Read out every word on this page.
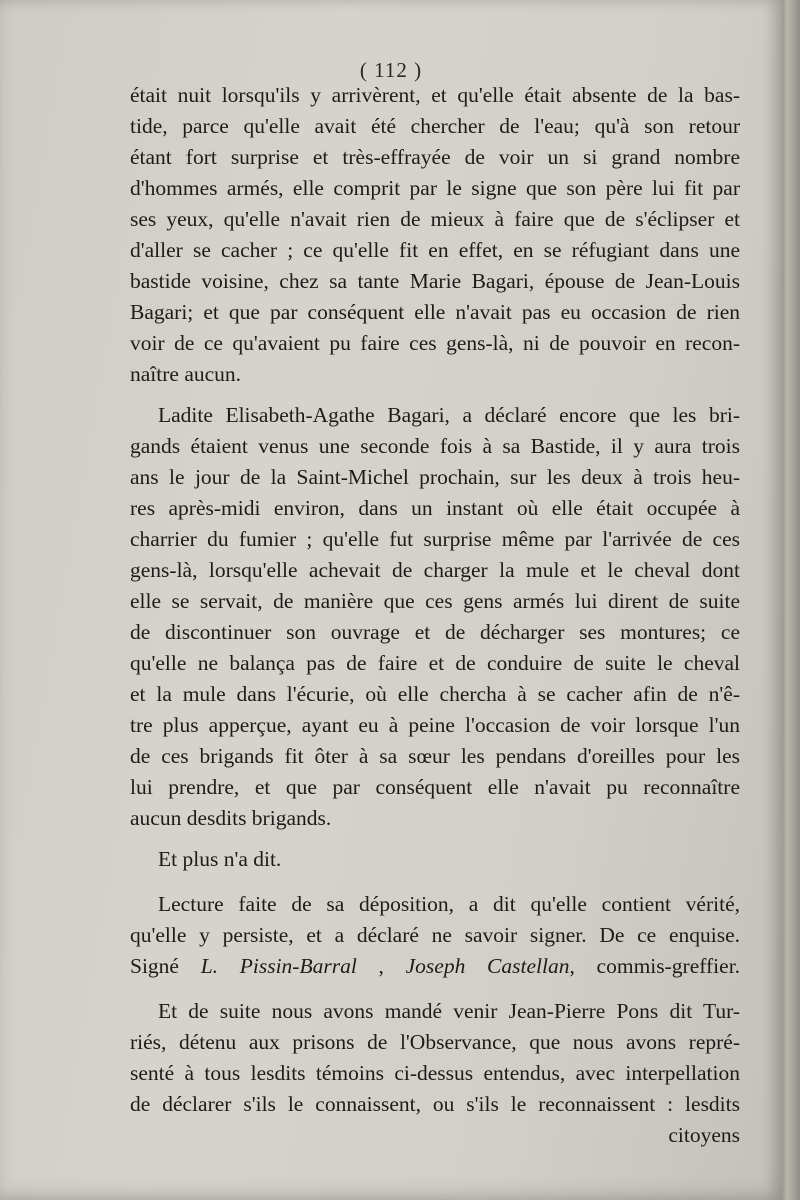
( 112 )
était nuit lorsqu'ils y arrivèrent, et qu'elle était absente de la bas-
tide, parce qu'elle avait été chercher de l'eau; qu'à son retour
étant fort surprise et très-effrayée de voir un si grand nombre
d'hommes armés, elle comprit par le signe que son père lui fit par
ses yeux, qu'elle n'avait rien de mieux à faire que de s'éclipser et
d'aller se cacher ; ce qu'elle fit en effet, en se réfugiant dans une
bastide voisine, chez sa tante Marie Bagari, épouse de Jean-Louis
Bagari; et que par conséquent elle n'avait pas eu occasion de rien
voir de ce qu'avaient pu faire ces gens-là, ni de pouvoir en recon-
naître aucun.
Ladite Elisabeth-Agathe Bagari, a déclaré encore que les bri-
gands étaient venus une seconde fois à sa Bastide, il y aura trois
ans le jour de la Saint-Michel prochain, sur les deux à trois heu-
res après-midi environ, dans un instant où elle était occupée à
charrier du fumier ; qu'elle fut surprise même par l'arrivée de ces
gens-là, lorsqu'elle achevait de charger la mule et le cheval dont
elle se servait, de manière que ces gens armés lui dirent de suite
de discontinuer son ouvrage et de décharger ses montures; ce
qu'elle ne balança pas de faire et de conduire de suite le cheval
et la mule dans l'écurie, où elle chercha à se cacher afin de n'ê-
tre plus apperçue, ayant eu à peine l'occasion de voir lorsque l'un
de ces brigands fit ôter à sa sœur les pendans d'oreilles pour les
lui prendre, et que par conséquent elle n'avait pu reconnaître
aucun desdits brigands.
Et plus n'a dit.
Lecture faite de sa déposition, a dit qu'elle contient vérité,
qu'elle y persiste, et a déclaré ne savoir signer. De ce enquise.
Signé L. Pissin-Barral , Joseph Castellan, commis-greffier.
Et de suite nous avons mandé venir Jean-Pierre Pons dit Tur-
riés, détenu aux prisons de l'Observance, que nous avons repré-
senté à tous lesdits témoins ci-dessus entendus, avec interpellation
de déclarer s'ils le connaissent, ou s'ils le reconnaissent : lesdits
citoyens
